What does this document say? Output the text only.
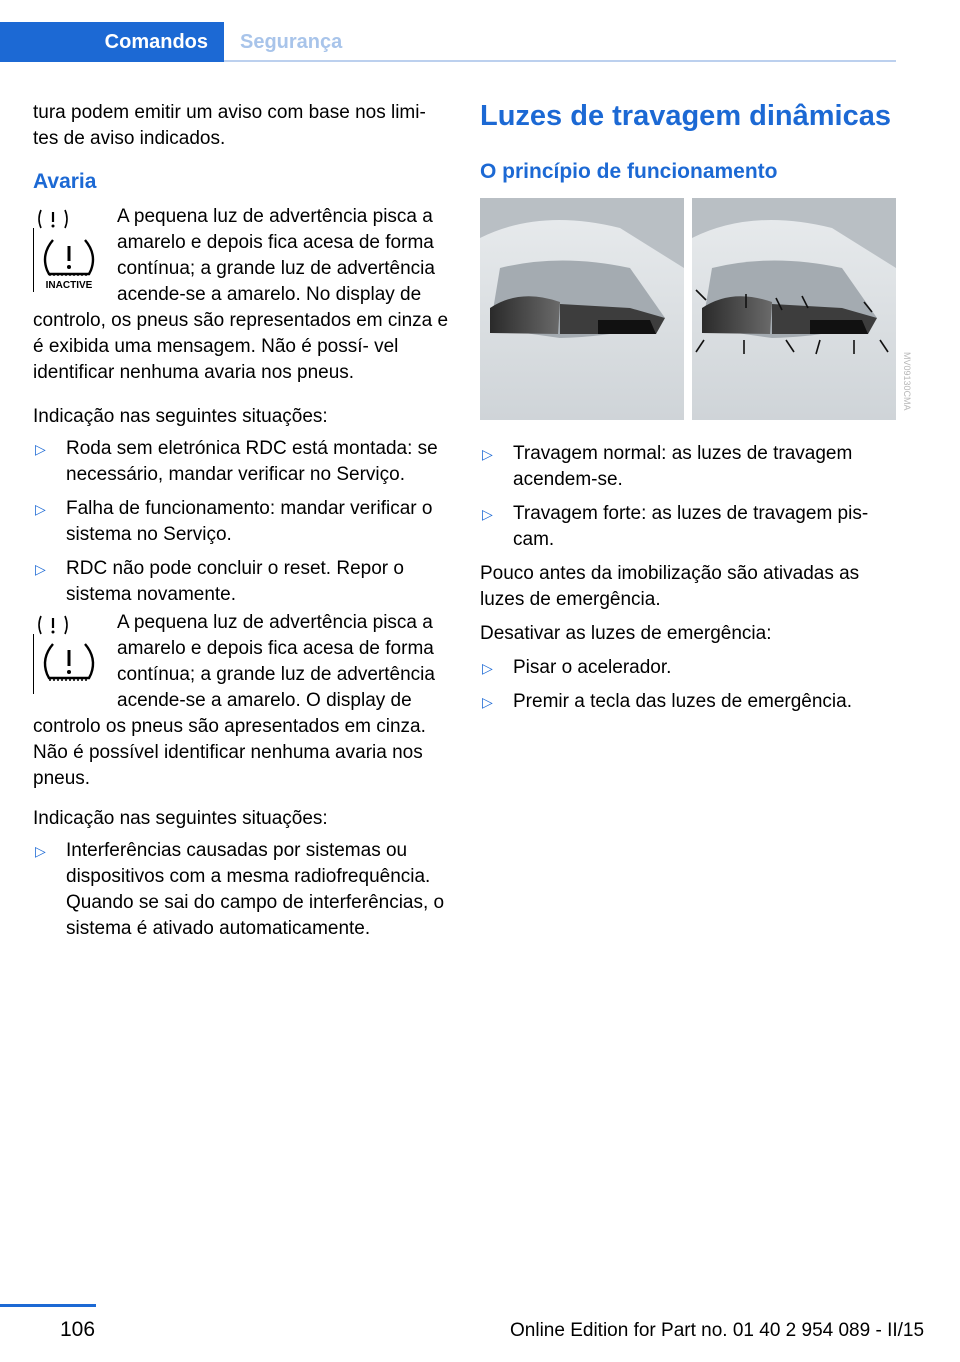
Comandos	Segurança

tura podem emitir um aviso com base nos limi‐ tes de aviso indicados.

Avaria
INACTIVE

A pequena luz de advertência pisca a amarelo e depois fica acesa de forma contínua; a grande luz de advertência acende-se a amarelo. No display de controlo, os pneus são representados em cinza e é exibida uma mensagem. Não é possí‐ vel identificar nenhuma avaria nos pneus.

Indicação nas seguintes situações:

▷ Roda sem eletrónica RDC está montada: se necessário, mandar verificar no Serviço.
▷ Falha de funcionamento: mandar verificar o sistema no Serviço.
▷ RDC não pode concluir o reset. Repor o sistema novamente.

A pequena luz de advertência pisca a amarelo e depois fica acesa de forma contínua; a grande luz de advertência acende-se a amarelo. O display de controlo os pneus são apresentados em cinza. Não é possível identificar nenhuma avaria nos pneus.

Indicação nas seguintes situações:

▷ Interferências causadas por sistemas ou dispositivos com a mesma radiofrequência. Quando se sai do campo de interferências, o sistema é ativado automaticamente.
Luzes de travagem dinâmicas
O princípio de funcionamento
MV09130CMA
▷ Travagem normal: as luzes de travagem acendem-se.
▷ Travagem forte: as luzes de travagem pis‐ cam.

Pouco antes da imobilização são ativadas as luzes de emergência.

Desativar as luzes de emergência:

▷ Pisar o acelerador.
▷ Premir a tecla das luzes de emergência.
106	Online Edition for Part no. 01 40 2 954 089 - II/15
